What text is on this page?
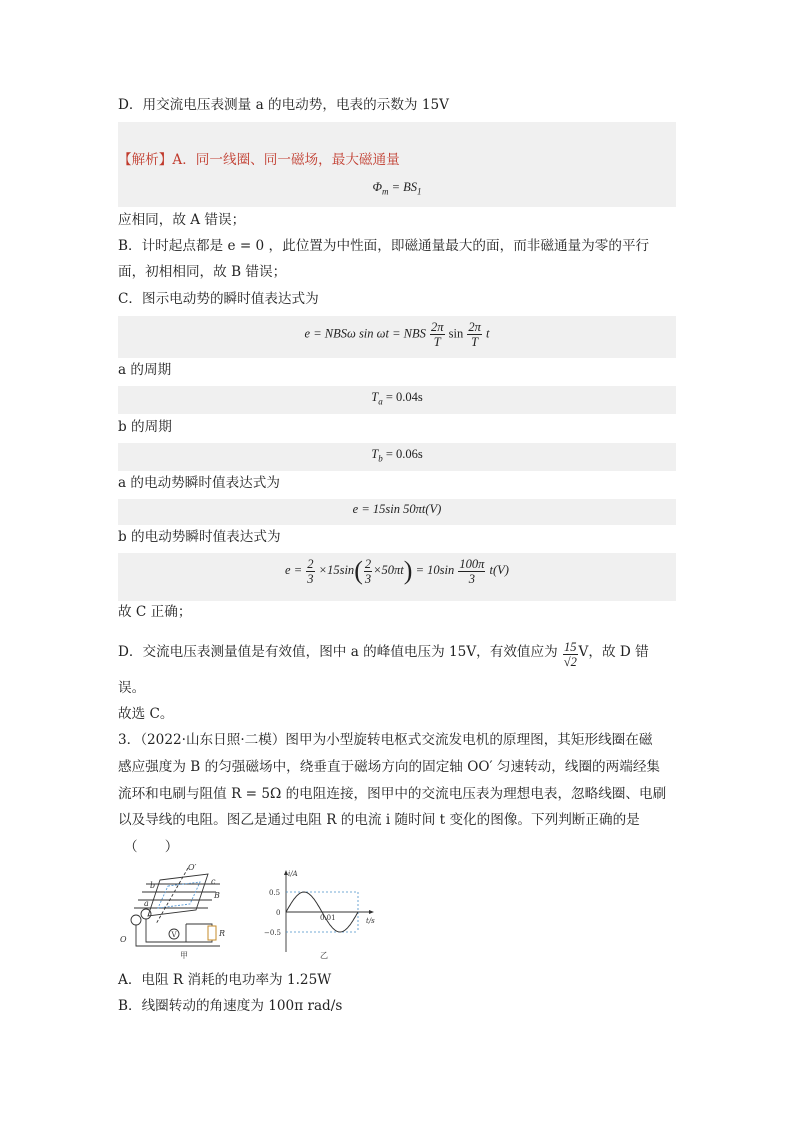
D．用交流电压表测量 a 的电动势，电表的示数为 15V
【解析】A．同一线圈、同一磁场，最大磁通量
$\Phi_m = BS_1$
应相同，故 A 错误；
B．计时起点都是 e = 0 ，此位置为中性面，即磁通量最大的面，而非磁通量为零的平行
面，初相相同，故 B 错误；
C．图示电动势的瞬时值表达式为
e = NBSω sin ωt = NBS $\frac{2\pi}{T}$ $\sin \frac{2\pi}{T}$ t
a 的周期
$T_a = 0.04s$
b 的周期
$T_b = 0.06s$
a 的电动势瞬时值表达式为
e = 15sin 50πt(V)
b 的电动势瞬时值表达式为
$e = \frac{2}{3} \times 15\sin( \frac{2}{3} \times 50\pi t) = 10\sin \frac{100\pi}{3} t(V)$
故 C 正确；
D．交流电压表测量值是有效值，图中 a 的峰值电压为 15V，有效值应为 $\frac{15}{√2}$ V，故 D 错
误。
故选 C。
3．（2022·山东日照·二模）图甲为小型旋转电枢式交流发电机的原理图，其矩形线圈在磁
感应强度为 B 的匀强磁场中，绕垂直于磁场方向的固定轴 OO′ 匀速转动，线圈的两端经集
流环和电刷与阻值 R = 5Ω 的电阻连接，图甲中的交流电压表为理想电表，忽略线圈、电刷
以及导线的电阻。图乙是通过电阻 R 的电流 i 随时间 t 变化的图像。下列判断正确的是
（　　）
V	R
O′
O
a
b	c
B
甲
i/A
t/s
0.5
0
−0.5
0.01
乙
A．电阻 R 消耗的电功率为 1.25W
B．线圈转动的角速度为 100π rad/s
